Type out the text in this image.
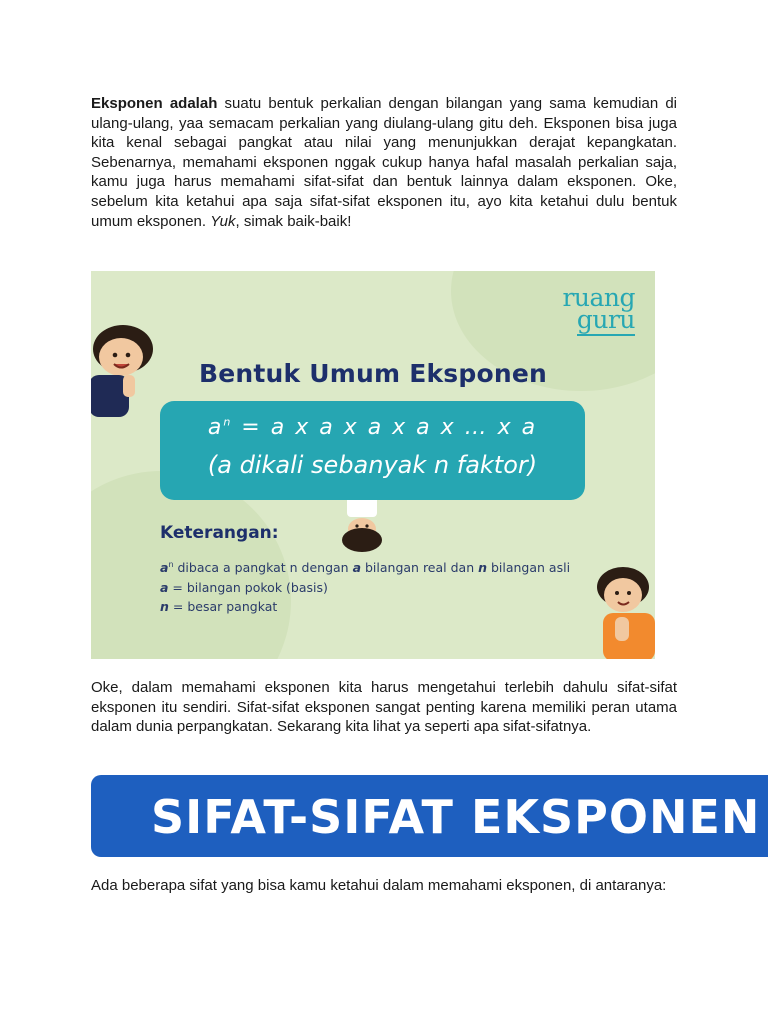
Eksponen adalah suatu bentuk perkalian dengan bilangan yang sama kemudian di ulang-ulang, yaa semacam perkalian yang diulang-ulang gitu deh. Eksponen bisa juga kita kenal sebagai pangkat atau nilai yang menunjukkan derajat kepangkatan. Sebenarnya, memahami eksponen nggak cukup hanya hafal masalah perkalian saja, kamu juga harus memahami sifat-sifat dan bentuk lainnya dalam eksponen. Oke, sebelum kita ketahui apa saja sifat-sifat eksponen itu, ayo kita ketahui dulu bentuk umum eksponen. Yuk, simak baik-baik!

ruang
guru
Bentuk Umum Eksponen
$a^n = a$ x a x a x a x … x a
(a dikali sebanyak n faktor)
Keterangan:
$a^n$ dibaca a pangkat n dengan a bilangan real dan n bilangan asli
a = bilangan pokok (basis)
n = besar pangkat

Oke, dalam memahami eksponen kita harus mengetahui terlebih dahulu sifat-sifat eksponen itu sendiri. Sifat-sifat eksponen sangat penting karena memiliki peran utama dalam dunia perpangkatan. Sekarang kita lihat ya seperti apa sifat-sifatnya.

SIFAT-SIFAT EKSPONEN

Ada beberapa sifat yang bisa kamu ketahui dalam memahami eksponen, di antaranya:
